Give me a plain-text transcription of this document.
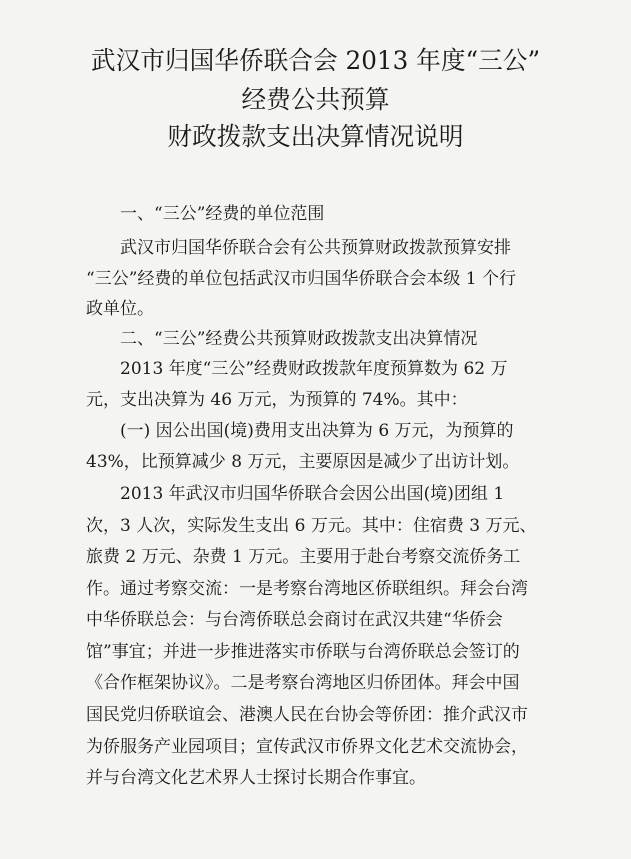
武汉市归国华侨联合会 2013 年度“三公”
经费公共预算
财政拨款支出决算情况说明
一、“三公”经费的单位范围
武汉市归国华侨联合会有公共预算财政拨款预算安排
“三公”经费的单位包括武汉市归国华侨联合会本级 1 个行
政单位。
二、“三公”经费公共预算财政拨款支出决算情况
2013 年度“三公”经费财政拨款年度预算数为 62 万
元，支出决算为 46 万元，为预算的 74%。其中：
(一) 因公出国(境)费用支出决算为 6 万元，为预算的
43%，比预算减少 8 万元，主要原因是减少了出访计划。
2013 年武汉市归国华侨联合会因公出国(境)团组 1
次，3 人次，实际发生支出 6 万元。其中：住宿费 3 万元、
旅费 2 万元、杂费 1 万元。主要用于赴台考察交流侨务工
作。通过考察交流：一是考察台湾地区侨联组织。拜会台湾
中华侨联总会：与台湾侨联总会商讨在武汉共建“华侨会
馆”事宜；并进一步推进落实市侨联与台湾侨联总会签订的
《合作框架协议》。二是考察台湾地区归侨团体。拜会中国
国民党归侨联谊会、港澳人民在台协会等侨团：推介武汉市
为侨服务产业园项目；宣传武汉市侨界文化艺术交流协会，
并与台湾文化艺术界人士探讨长期合作事宜。
